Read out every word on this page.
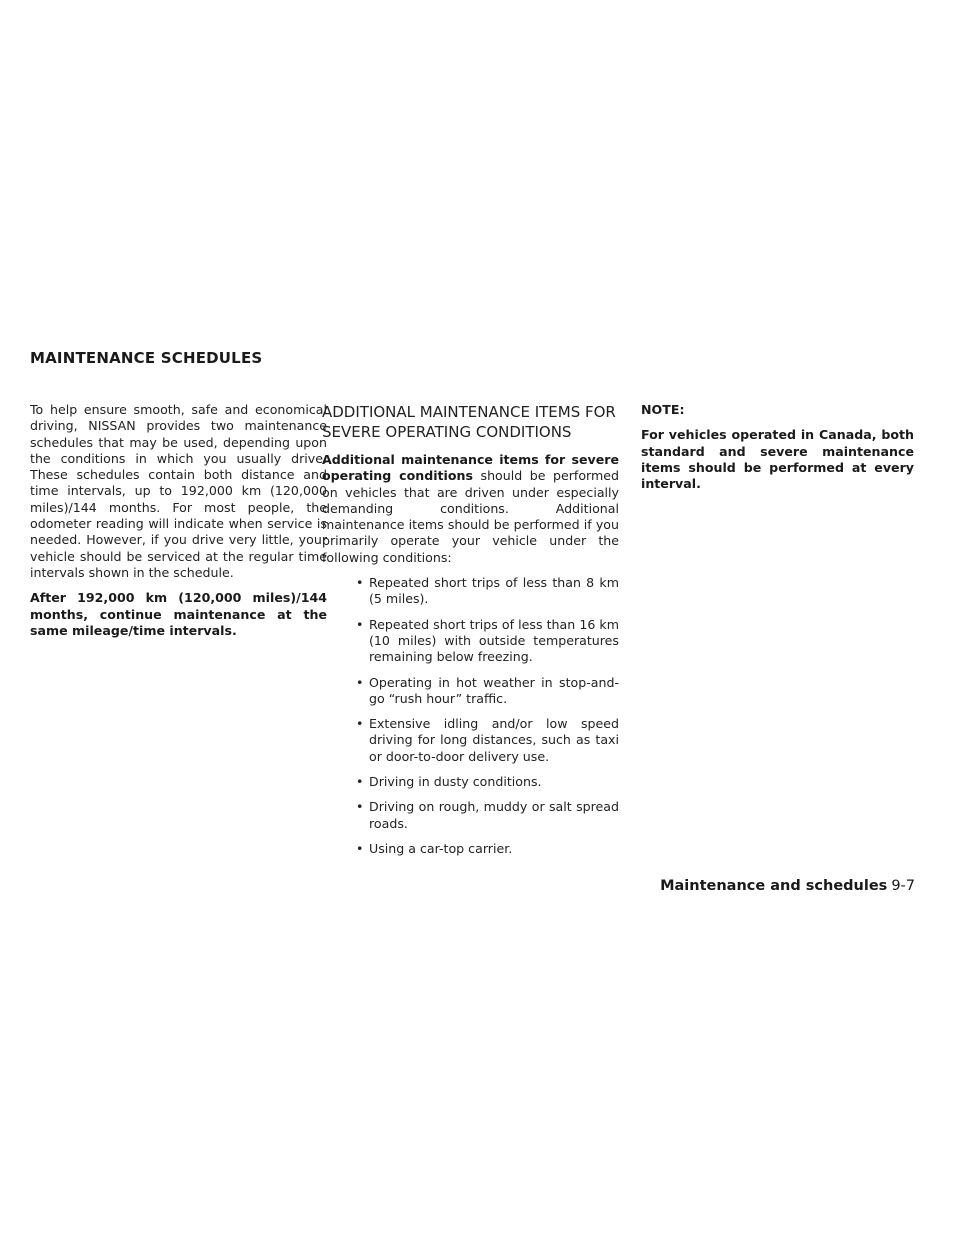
MAINTENANCE SCHEDULES

To help ensure smooth, safe and economical driving, NISSAN provides two maintenance schedules that may be used, depending upon the conditions in which you usually drive. These schedules contain both distance and time intervals, up to 192,000 km (120,000 miles)/144 months. For most people, the odometer reading will indicate when service is needed. However, if you drive very little, your vehicle should be serviced at the regular time intervals shown in the schedule.

After 192,000 km (120,000 miles)/144 months, continue maintenance at the same mileage/time intervals.

ADDITIONAL MAINTENANCE ITEMS FOR SEVERE OPERATING CONDITIONS

Additional maintenance items for severe operating conditions should be performed on vehicles that are driven under especially demanding conditions. Additional maintenance items should be performed if you primarily operate your vehicle under the following conditions:

• Repeated short trips of less than 8 km (5 miles).
• Repeated short trips of less than 16 km (10 miles) with outside temperatures remaining below freezing.
• Operating in hot weather in stop-and-go “rush hour” traffic.
• Extensive idling and/or low speed driving for long distances, such as taxi or door-to-door delivery use.
• Driving in dusty conditions.
• Driving on rough, muddy or salt spread roads.
• Using a car-top carrier.

NOTE:

For vehicles operated in Canada, both standard and severe maintenance items should be performed at every interval.

Maintenance and schedules 9-7
